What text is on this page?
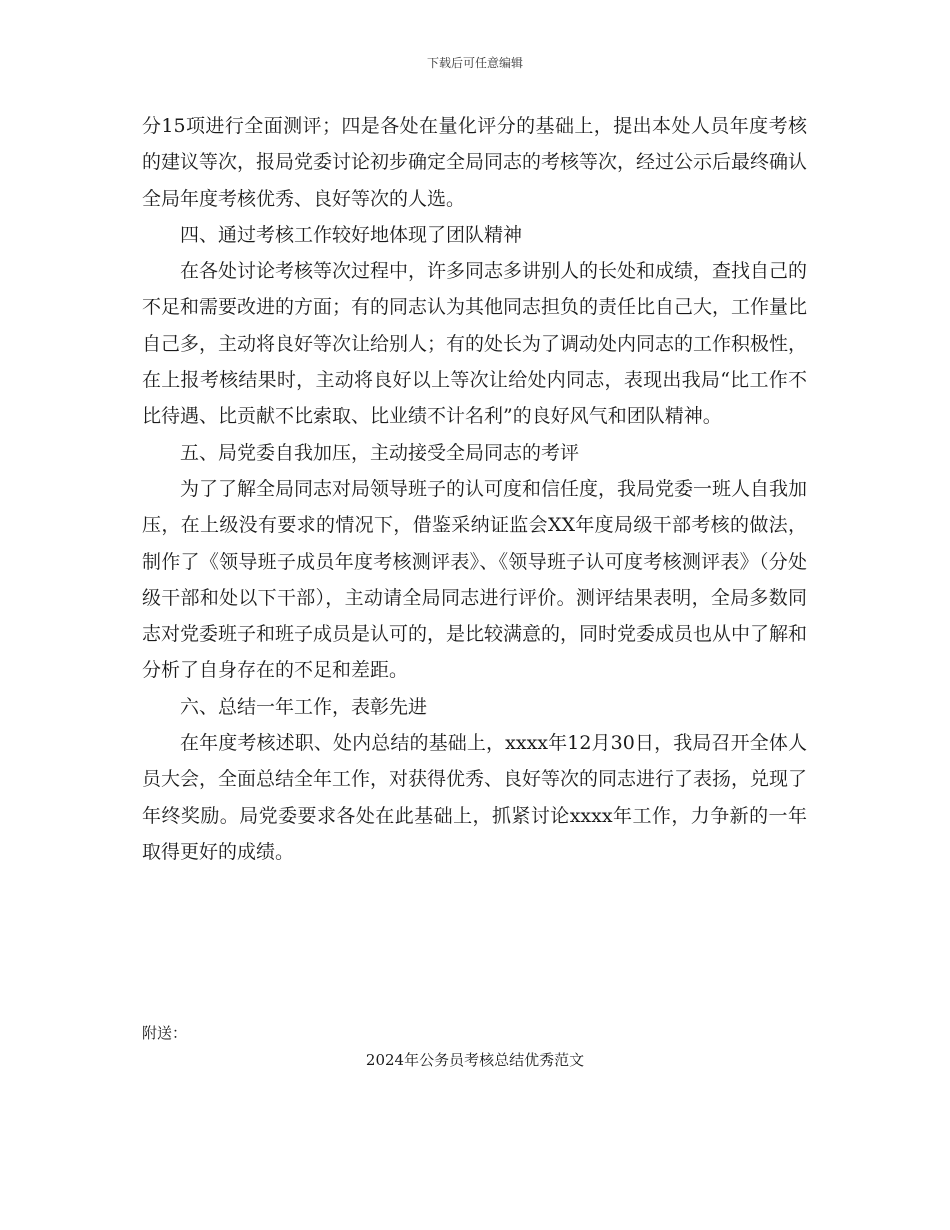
下载后可任意编辑

分15项进行全面测评；四是各处在量化评分的基础上，提出本处人员年度考核的建议等次，报局党委讨论初步确定全局同志的考核等次，经过公示后最终确认全局年度考核优秀、良好等次的人选。

四、通过考核工作较好地体现了团队精神

在各处讨论考核等次过程中，许多同志多讲别人的长处和成绩，查找自己的不足和需要改进的方面；有的同志认为其他同志担负的责任比自己大，工作量比自己多，主动将良好等次让给别人；有的处长为了调动处内同志的工作积极性，在上报考核结果时，主动将良好以上等次让给处内同志，表现出我局“比工作不比待遇、比贡献不比索取、比业绩不计名利”的良好风气和团队精神。

五、局党委自我加压，主动接受全局同志的考评

为了了解全局同志对局领导班子的认可度和信任度，我局党委一班人自我加压，在上级没有要求的情况下，借鉴采纳证监会XX年度局级干部考核的做法，制作了《领导班子成员年度考核测评表》、《领导班子认可度考核测评表》（分处级干部和处以下干部），主动请全局同志进行评价。测评结果表明，全局多数同志对党委班子和班子成员是认可的，是比较满意的，同时党委成员也从中了解和分析了自身存在的不足和差距。

六、总结一年工作，表彰先进

在年度考核述职、处内总结的基础上，xxxx年12月30日，我局召开全体人员大会，全面总结全年工作，对获得优秀、良好等次的同志进行了表扬，兑现了年终奖励。局党委要求各处在此基础上，抓紧讨论xxxx年工作，力争新的一年取得更好的成绩。

附送：
2024年公务员考核总结优秀范文
